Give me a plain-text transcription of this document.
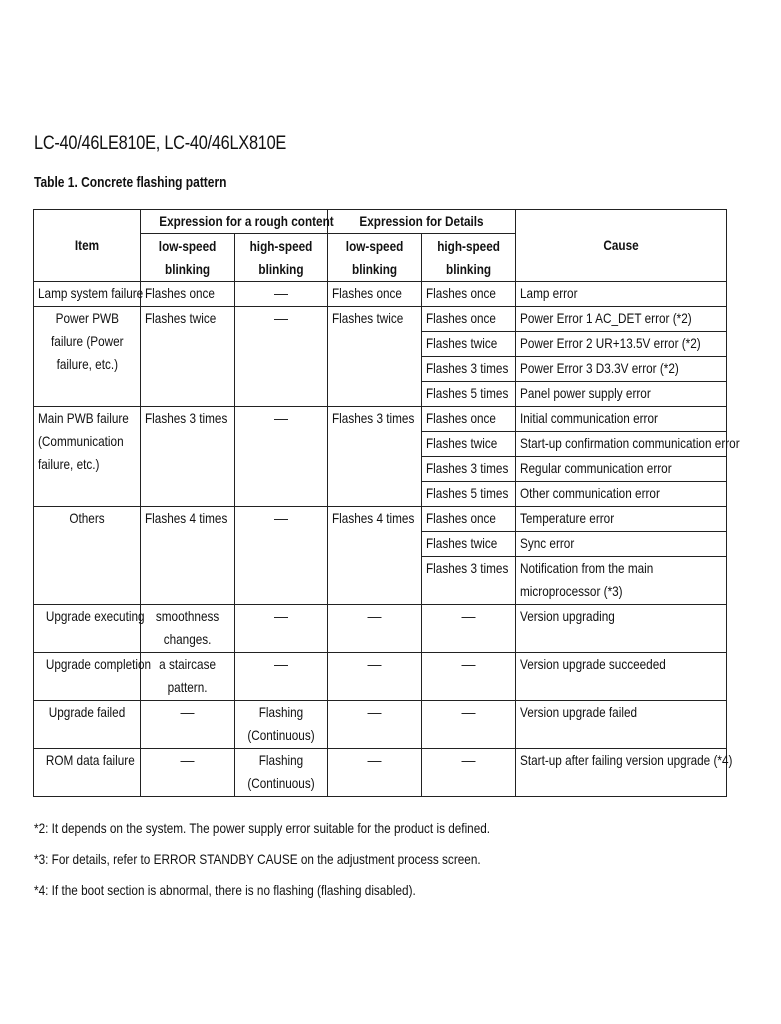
LC-40/46LE810E, LC-40/46LX810E
Table 1. Concrete flashing pattern
Item	Expression for a rough content		Expression for Details		Cause

	low-speed blinking	high-speed blinking	low-speed blinking	high-speed blinking	

Lamp system failure	Flashes once	—	Flashes once	Flashes once	Lamp error

Power PWB failure (Power failure, etc.)	Flashes twice	—	Flashes twice	Flashes once	Power Error 1 AC_DET error (*2)
				Flashes twice	Power Error 2 UR+13.5V error (*2)
				Flashes 3 times	Power Error 3 D3.3V error (*2)
				Flashes 5 times	Panel power supply error

Main PWB failure (Communication failure, etc.)	Flashes 3 times	—	Flashes 3 times	Flashes once	Initial communication error
				Flashes twice	Start-up confirmation communication error
				Flashes 3 times	Regular communication error
				Flashes 5 times	Other communication error

Others	Flashes 4 times	—	Flashes 4 times	Flashes once	Temperature error
				Flashes twice	Sync error
				Flashes 3 times	Notification from the main microprocessor (*3)

Upgrade executing	smoothness changes.	—	—	—	Version upgrading

Upgrade completion	a staircase pattern.	—	—	—	Version upgrade succeeded

Upgrade failed	—	Flashing (Continuous)	—	—	Version upgrade failed

ROM data failure	—	Flashing (Continuous)	—	—	Start-up after failing version upgrade (*4)
*2: It depends on the system. The power supply error suitable for the product is defined.
*3: For details, refer to ERROR STANDBY CAUSE on the adjustment process screen.
*4: If the boot section is abnormal, there is no flashing (flashing disabled).
